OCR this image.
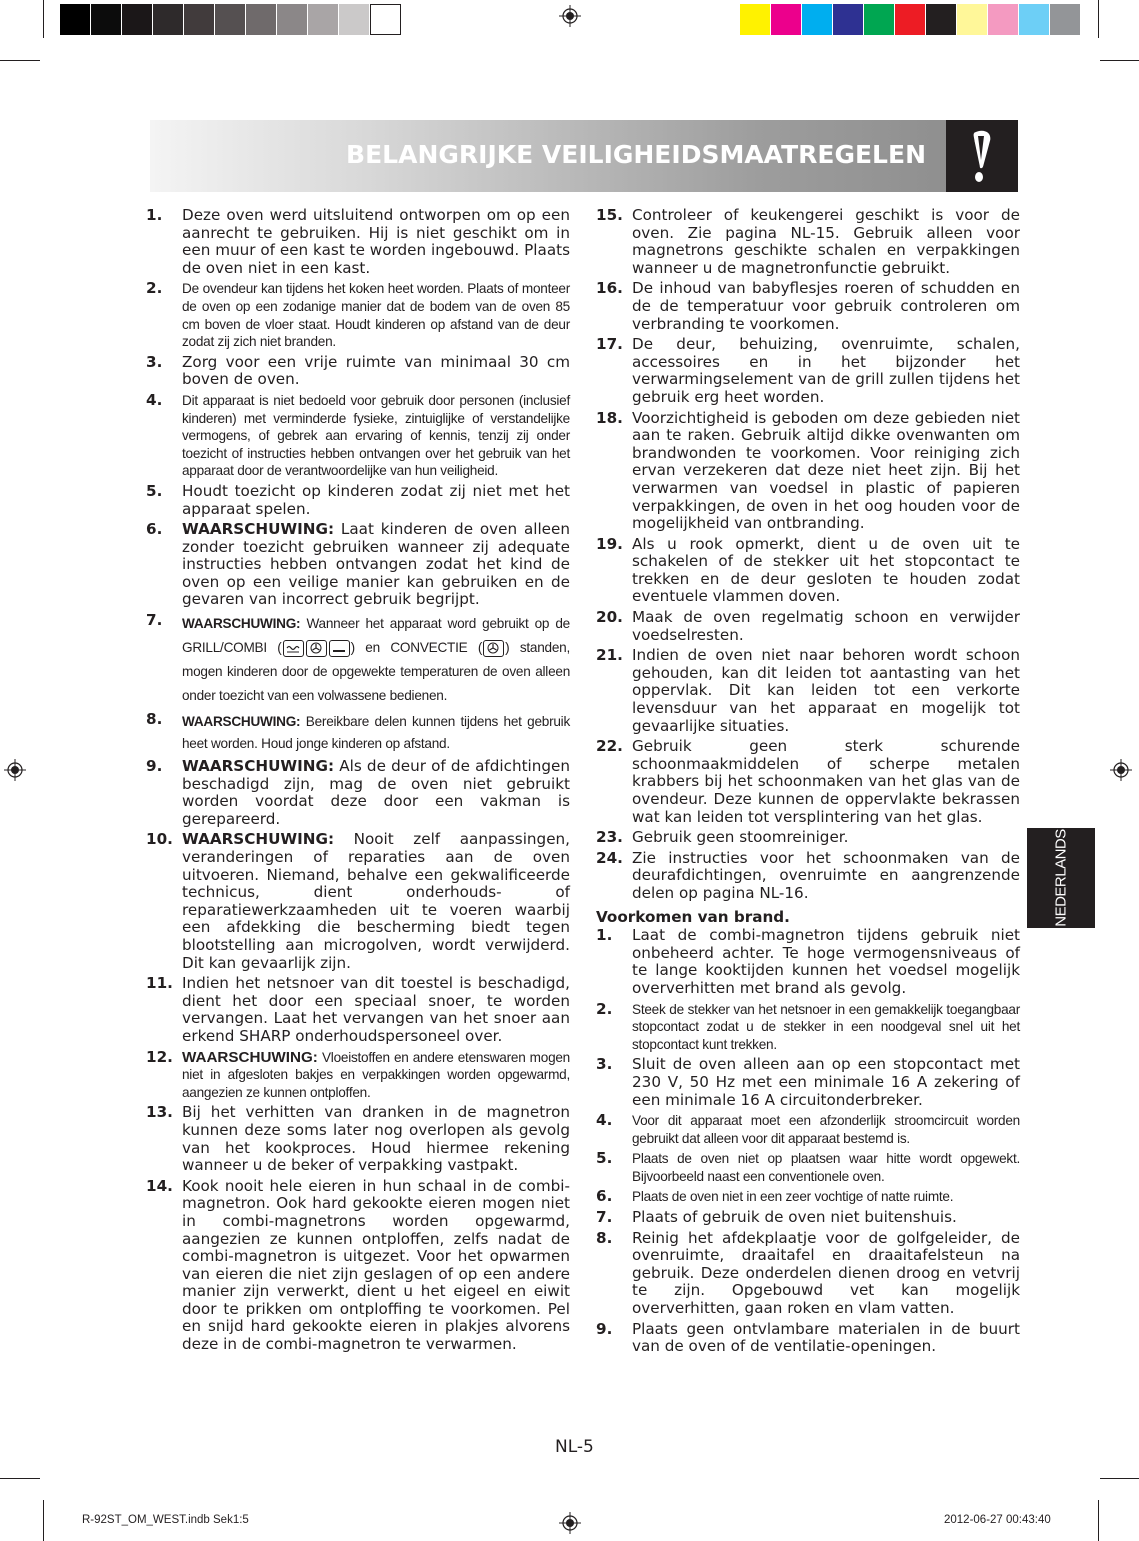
BELANGRIJKE VEILIGHEIDSMAATREGELEN
1.	Deze oven werd uitsluitend ontworpen om op een aanrecht te gebruiken. Hij is niet geschikt om in een muur of een kast te worden ingebouwd. Plaats de oven niet in een kast.
2.	De ovendeur kan tijdens het koken heet worden. Plaats of monteer de oven op een zodanige manier dat de bodem van de oven 85 cm boven de vloer staat. Houdt kinderen op afstand van de deur zodat zij zich niet branden.
3.	Zorg voor een vrije ruimte van minimaal 30 cm boven de oven.
4.	Dit apparaat is niet bedoeld voor gebruik door personen (inclusief kinderen) met verminderde fysieke, zintuiglijke of verstandelijke vermogens, of gebrek aan ervaring of kennis, tenzij zij onder toezicht of instructies hebben ontvangen over het gebruik van het apparaat door de verantwoordelijke van hun veiligheid.
5.	Houdt toezicht op kinderen zodat zij niet met het apparaat spelen.
6.	WAARSCHUWING: Laat kinderen de oven alleen zonder toezicht gebruiken wanneer zij adequate instructies hebben ontvangen zodat het kind de oven op een veilige manier kan gebruiken en de gevaren van incorrect gebruik begrijpt.
7.	WAARSCHUWING: Wanneer het apparaat word gebruikt op de GRILL/COMBI (	) en CONVECTIE ( ) standen, mogen kinderen door de opgewekte temperaturen de oven alleen onder toezicht van een volwassene bedienen.
8.	WAARSCHUWING: Bereikbare delen kunnen tijdens het gebruik heet worden. Houd jonge kinderen op afstand.
9.	WAARSCHUWING: Als de deur of de afdichtingen beschadigd zijn, mag de oven niet gebruikt worden voordat deze door een vakman is gerepareerd.
10. WAARSCHUWING: Nooit zelf aanpassingen, veranderingen of reparaties aan de oven uitvoeren. Niemand, behalve een gekwalificeerde technicus, dient onderhouds- of reparatiewerkzaamheden uit te voeren waarbij een afdekking die bescherming biedt tegen blootstelling aan microgolven, wordt verwijderd. Dit kan gevaarlijk zijn.
11. Indien het netsnoer van dit toestel is beschadigd, dient het door een speciaal snoer, te worden vervangen. Laat het vervangen van het snoer aan erkend SHARP onderhoudspersoneel over.
12. WAARSCHUWING: Vloeistoffen en andere etenswaren mogen niet in afgesloten bakjes en verpakkingen worden opgewarmd, aangezien ze kunnen ontploffen.
13. Bij het verhitten van dranken in de magnetron kunnen deze soms later nog overlopen als gevolg van het kookproces. Houd hiermee rekening wanneer u de beker of verpakking vastpakt.
14. Kook nooit hele eieren in hun schaal in de combi-magnetron. Ook hard gekookte eieren mogen niet in combi-magnetrons worden opgewarmd, aangezien ze kunnen ontploffen, zelfs nadat de combi-magnetron is uitgezet. Voor het opwarmen van eieren die niet zijn geslagen of op een andere manier zijn verwerkt, dient u het eigeel en eiwit door te prikken om ontploffing te voorkomen. Pel en snijd hard gekookte eieren in plakjes alvorens deze in de combi-magnetron te verwarmen.
15. Controleer of keukengerei geschikt is voor de oven. Zie pagina NL-15. Gebruik alleen voor magnetrons geschikte schalen en verpakkingen wanneer u de magnetronfunctie gebruikt.
16. De inhoud van babyflesjes roeren of schudden en de de temperatuur voor gebruik controleren om verbranding te voorkomen.
17. De deur, behuizing, ovenruimte, schalen, accessoires en in het bijzonder het verwarmingselement van de grill zullen tijdens het gebruik erg heet worden.
18. Voorzichtigheid is geboden om deze gebieden niet aan te raken. Gebruik altijd dikke ovenwanten om brandwonden te voorkomen. Voor reiniging zich ervan verzekeren dat deze niet heet zijn. Bij het verwarmen van voedsel in plastic of papieren verpakkingen, de oven in het oog houden voor de mogelijkheid van ontbranding.
19. Als u rook opmerkt, dient u de oven uit te schakelen of de stekker uit het stopcontact te trekken en de deur gesloten te houden zodat eventuele vlammen doven.
20. Maak de oven regelmatig schoon en verwijder voedselresten.
21. Indien de oven niet naar behoren wordt schoon gehouden, kan dit leiden tot aantasting van het oppervlak. Dit kan leiden tot een verkorte levensduur van het apparaat en mogelijk tot gevaarlijke situaties.
22. Gebruik geen sterk schurende schoonmaakmiddelen of scherpe metalen krabbers bij het schoonmaken van het glas van de ovendeur. Deze kunnen de oppervlakte bekrassen wat kan leiden tot versplintering van het glas.
23. Gebruik geen stoomreiniger.
24. Zie instructies voor het schoonmaken van de deurafdichtingen, ovenruimte en aangrenzende delen op pagina NL-16.
Voorkomen van brand.
1.	Laat de combi-magnetron tijdens gebruik niet onbeheerd achter. Te hoge vermogensniveaus of te lange kooktijden kunnen het voedsel mogelijk oververhitten met brand als gevolg.
2.	Steek de stekker van het netsnoer in een gemakkelijk toegangbaar stopcontact zodat u de stekker in een noodgeval snel uit het stopcontact kunt trekken.
3.	Sluit de oven alleen aan op een stopcontact met 230 V, 50 Hz met een minimale 16 A zekering of een minimale 16 A circuitonderbreker.
4.	Voor dit apparaat moet een afzonderlijk stroomcircuit worden gebruikt dat alleen voor dit apparaat bestemd is.
5.	Plaats de oven niet op plaatsen waar hitte wordt opgewekt. Bijvoorbeeld naast een conventionele oven.
6.	Plaats de oven niet in een zeer vochtige of natte ruimte.
7.	Plaats of gebruik de oven niet buitenshuis.
8.	Reinig het afdekplaatje voor de golfgeleider, de ovenruimte, draaitafel en draaitafelsteun na gebruik. Deze onderdelen dienen droog en vetvrij te zijn. Opgebouwd vet kan mogelijk oververhitten, gaan roken en vlam vatten.
9.	Plaats geen ontvlambare materialen in de buurt van de oven of de ventilatie-openingen.
NEDERLANDS
NL-5
R-92ST_OM_WEST.indb Sek1:5	2012-06-27 00:43:40
